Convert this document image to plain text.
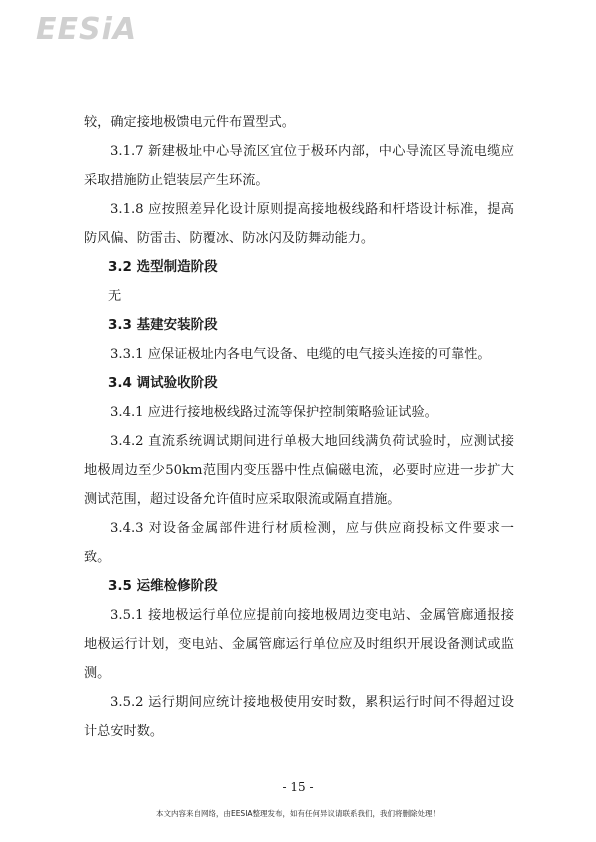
EESiA

较，确定接地极馈电元件布置型式。

3.1.7 新建极址中心导流区宜位于极环内部，中心导流区导流电缆应采取措施防止铠装层产生环流。

3.1.8 应按照差异化设计原则提高接地极线路和杆塔设计标准，提高防风偏、防雷击、防覆冰、防冰闪及防舞动能力。

3.2 选型制造阶段

无

3.3 基建安装阶段

3.3.1 应保证极址内各电气设备、电缆的电气接头连接的可靠性。

3.4 调试验收阶段

3.4.1 应进行接地极线路过流等保护控制策略验证试验。

3.4.2 直流系统调试期间进行单极大地回线满负荷试验时，应测试接地极周边至少50km范围内变压器中性点偏磁电流，必要时应进一步扩大测试范围，超过设备允许值时应采取限流或隔直措施。

3.4.3 对设备金属部件进行材质检测，应与供应商投标文件要求一致。

3.5 运维检修阶段

3.5.1 接地极运行单位应提前向接地极周边变电站、金属管廊通报接地极运行计划，变电站、金属管廊运行单位应及时组织开展设备测试或监测。

3.5.2 运行期间应统计接地极使用安时数，累积运行时间不得超过设计总安时数。

- 15 -
本文内容来自网络，由EESIA整理发布，如有任何异议请联系我们，我们将删除处理！
